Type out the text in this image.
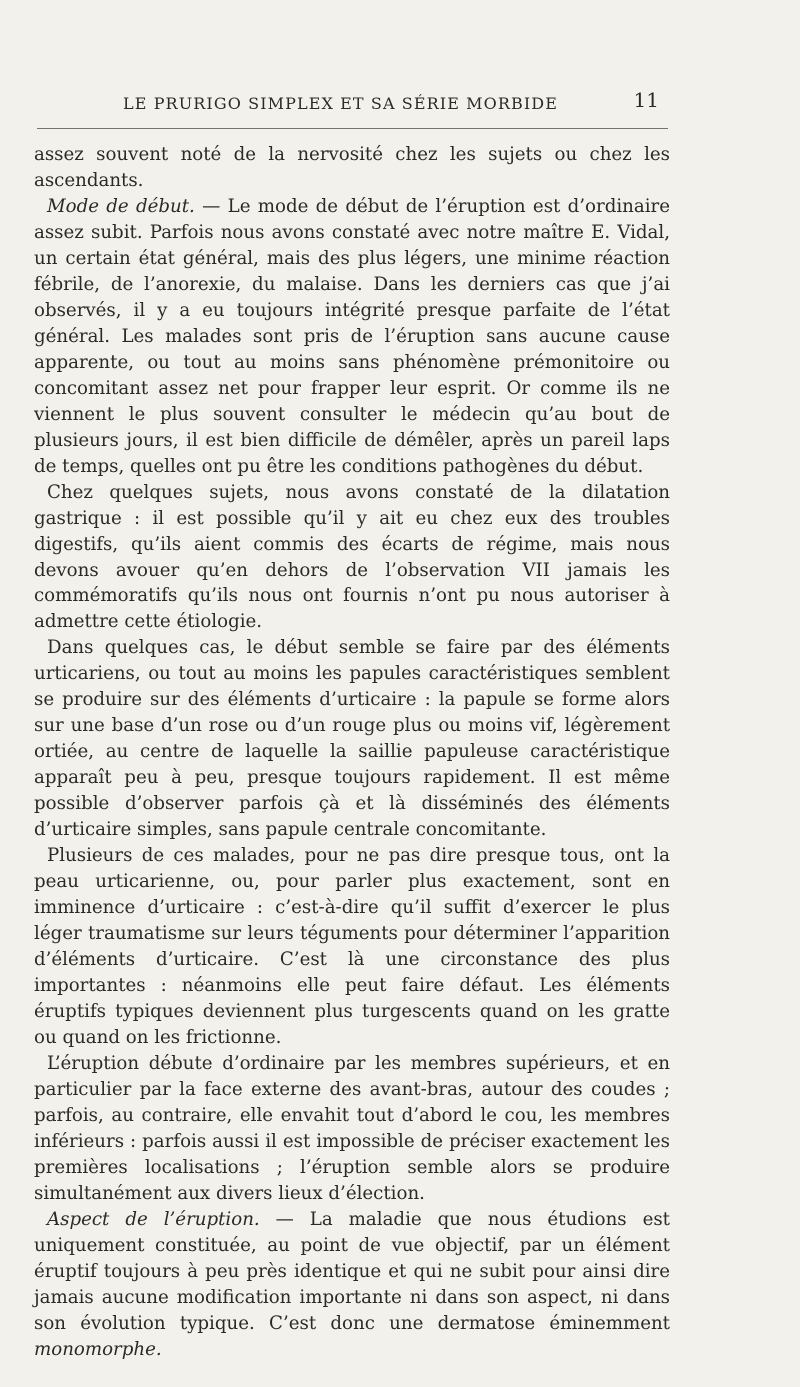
LE PRURIGO SIMPLEX ET SA SÉRIE MORBIDE	11

assez souvent noté de la nervosité chez les sujets ou chez les ascendants.

Mode de début. — Le mode de début de l’éruption est d’ordinaire assez subit. Parfois nous avons constaté avec notre maître E. Vidal, un certain état général, mais des plus légers, une minime réaction fébrile, de l’anorexie, du malaise. Dans les derniers cas que j’ai observés, il y a eu toujours intégrité presque parfaite de l’état général. Les malades sont pris de l’éruption sans aucune cause apparente, ou tout au moins sans phénomène prémonitoire ou concomitant assez net pour frapper leur esprit. Or comme ils ne viennent le plus souvent consulter le médecin qu’au bout de plusieurs jours, il est bien difficile de démêler, après un pareil laps de temps, quelles ont pu être les conditions pathogènes du début.

Chez quelques sujets, nous avons constaté de la dilatation gastrique : il est possible qu’il y ait eu chez eux des troubles digestifs, qu’ils aient commis des écarts de régime, mais nous devons avouer qu’en dehors de l’observation VII jamais les commémoratifs qu’ils nous ont fournis n’ont pu nous autoriser à admettre cette étiologie.

Dans quelques cas, le début semble se faire par des éléments urticariens, ou tout au moins les papules caractéristiques semblent se produire sur des éléments d’urticaire : la papule se forme alors sur une base d’un rose ou d’un rouge plus ou moins vif, légèrement ortiée, au centre de laquelle la saillie papuleuse caractéristique apparaît peu à peu, presque toujours rapidement. Il est même possible d’observer parfois çà et là disséminés des éléments d’urticaire simples, sans papule centrale concomitante.

Plusieurs de ces malades, pour ne pas dire presque tous, ont la peau urticarienne, ou, pour parler plus exactement, sont en imminence d’urticaire : c’est-à-dire qu’il suffit d’exercer le plus léger traumatisme sur leurs téguments pour déterminer l’apparition d’éléments d’urticaire. C’est là une circonstance des plus importantes : néanmoins elle peut faire défaut. Les éléments éruptifs typiques deviennent plus turgescents quand on les gratte ou quand on les frictionne.

L’éruption débute d’ordinaire par les membres supérieurs, et en particulier par la face externe des avant-bras, autour des coudes ; parfois, au contraire, elle envahit tout d’abord le cou, les membres inférieurs : parfois aussi il est impossible de préciser exactement les premières localisations ; l’éruption semble alors se produire simultanément aux divers lieux d’élection.

Aspect de l’éruption. — La maladie que nous étudions est uniquement constituée, au point de vue objectif, par un élément éruptif toujours à peu près identique et qui ne subit pour ainsi dire jamais aucune modification importante ni dans son aspect, ni dans son évolution typique. C’est donc une dermatose éminemment monomorphe.
